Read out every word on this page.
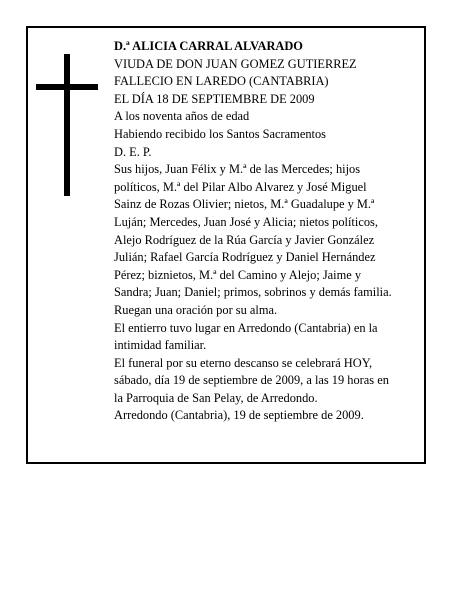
D.ª ALICIA CARRAL ALVARADO
VIUDA DE DON JUAN GOMEZ GUTIERREZ
FALLECIO EN LAREDO (CANTABRIA)
EL DÍA 18 DE SEPTIEMBRE DE 2009
A los noventa años de edad
Habiendo recibido los Santos Sacramentos
D. E. P.
Sus hijos, Juan Félix y M.ª de las Mercedes; hijos
políticos, M.ª del Pilar Albo Alvarez y José Miguel
Sainz de Rozas Olivier; nietos, M.ª Guadalupe y M.ª
Luján; Mercedes, Juan José y Alicia; nietos políticos,
Alejo Rodríguez de la Rúa García y Javier González
Julián; Rafael García Rodríguez y Daniel Hernández
Pérez; biznietos, M.ª del Camino y Alejo; Jaime y
Sandra; Juan; Daniel; primos, sobrinos y demás familia.
Ruegan una oración por su alma.
El entierro tuvo lugar en Arredondo (Cantabria) en la
intimidad familiar.
El funeral por su eterno descanso se celebrará HOY,
sábado, día 19 de septiembre de 2009, a las 19 horas en
la Parroquia de San Pelay, de Arredondo.
Arredondo (Cantabria), 19 de septiembre de 2009.
